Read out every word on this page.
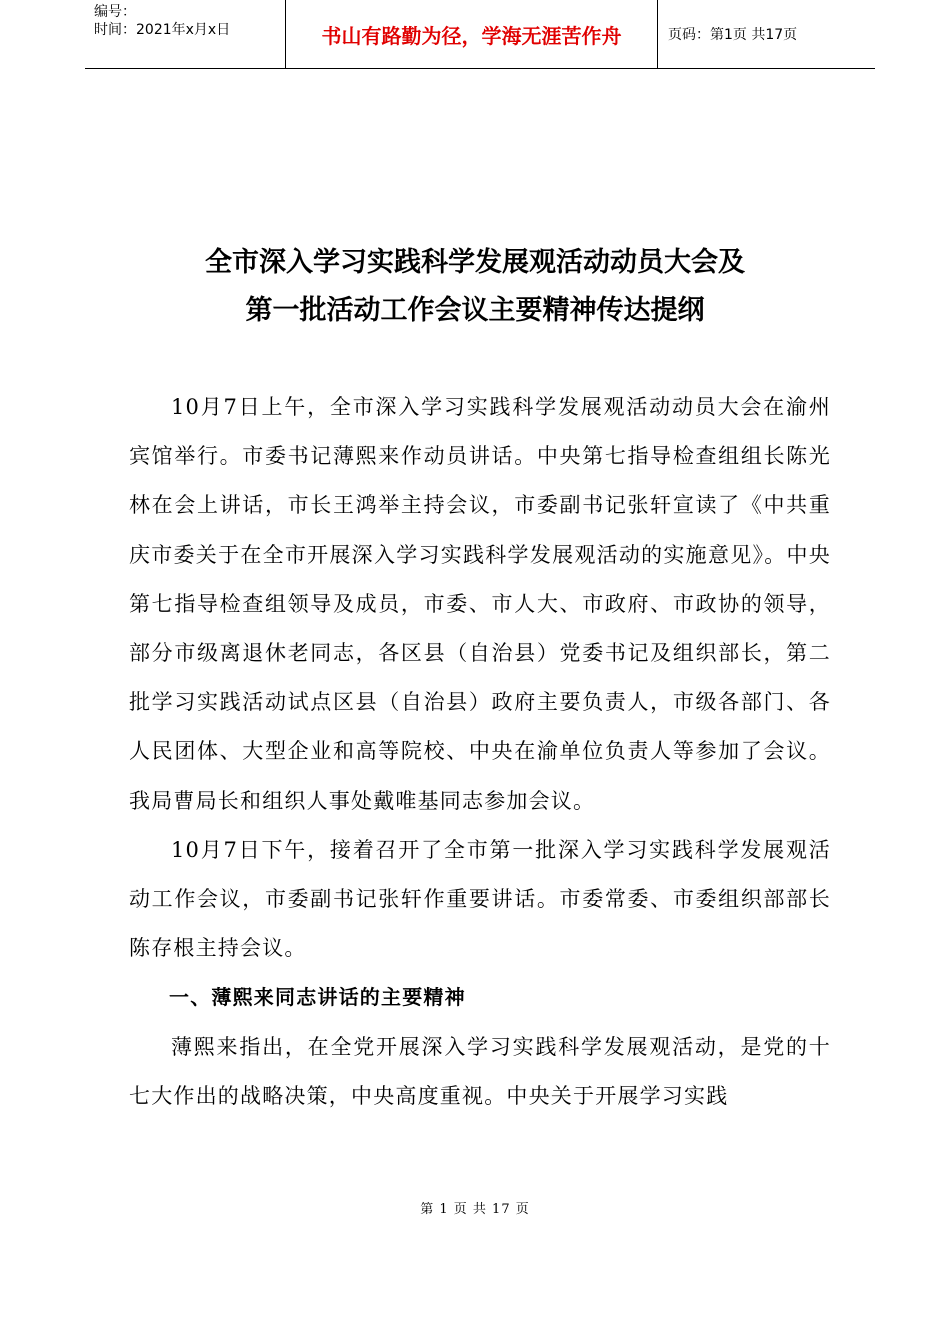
编号：
时间：2021年x月x日	书山有路勤为径，学海无涯苦作舟	页码：第1页 共17页
全市深入学习实践科学发展观活动动员大会及
第一批活动工作会议主要精神传达提纲

10月7日上午，全市深入学习实践科学发展观活动动员大会在渝州宾馆举行。市委书记薄熙来作动员讲话。中央第七指导检查组组长陈光林在会上讲话，市长王鸿举主持会议，市委副书记张轩宣读了《中共重庆市委关于在全市开展深入学习实践科学发展观活动的实施意见》。中央第七指导检查组领导及成员，市委、市人大、市政府、市政协的领导，部分市级离退休老同志，各区县（自治县）党委书记及组织部长，第二批学习实践活动试点区县（自治县）政府主要负责人，市级各部门、各人民团体、大型企业和高等院校、中央在渝单位负责人等参加了会议。我局曹局长和组织人事处戴唯基同志参加会议。

10月7日下午，接着召开了全市第一批深入学习实践科学发展观活动工作会议，市委副书记张轩作重要讲话。市委常委、市委组织部部长陈存根主持会议。

一、薄熙来同志讲话的主要精神

薄熙来指出，在全党开展深入学习实践科学发展观活动，是党的十七大作出的战略决策，中央高度重视。中央关于开展学习实践

第 1 页 共 17 页
